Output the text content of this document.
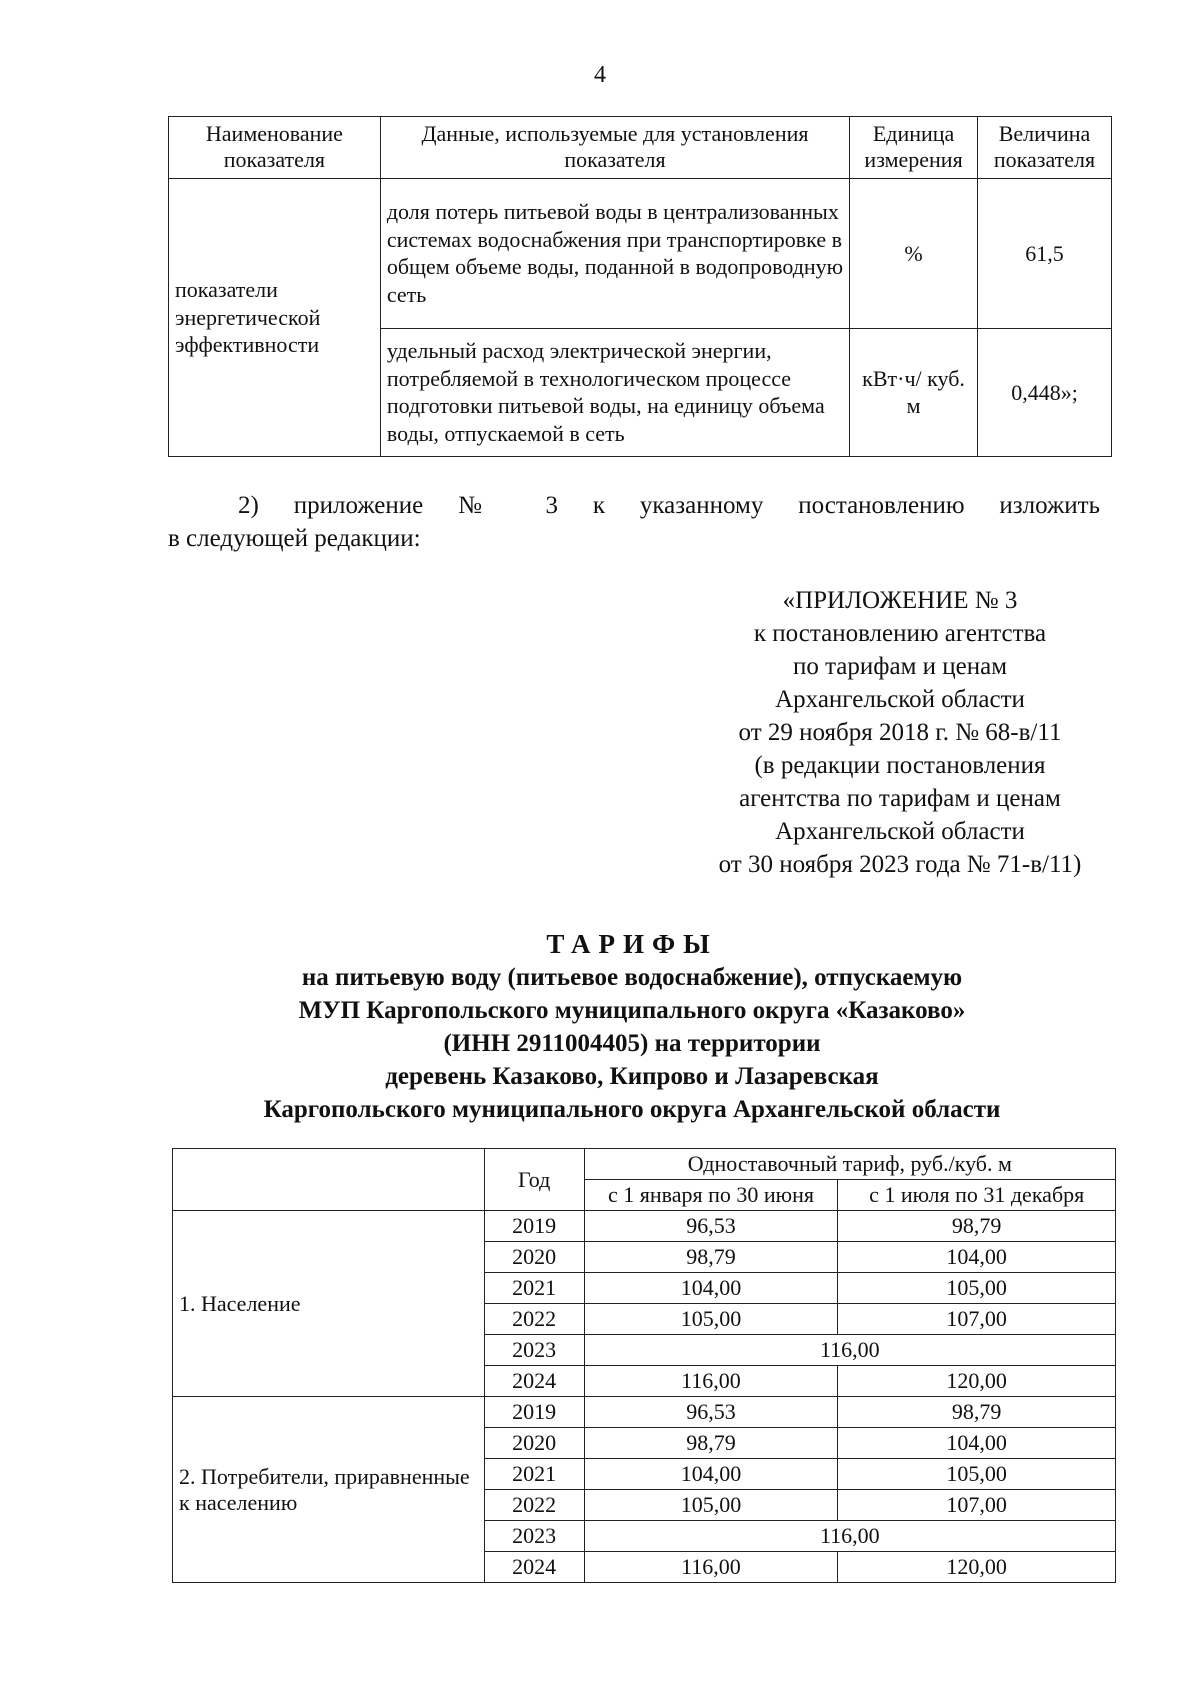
4
Наименование показателя	Данные, используемые для установления показателя	Единица измерения	Величина показателя
показатели энергетической эффективности	доля потерь питьевой воды в централизованных системах водоснабжения при транспортировке в общем объеме воды, поданной в водопроводную сеть	%	61,5
	удельный расход электрической энергии, потребляемой в технологическом процессе подготовки питьевой воды, на единицу объема воды, отпускаемой в сеть	кВт·ч/ куб. м	0,448»;
2) приложение № 3 к указанному постановлению изложить
в следующей редакции:
«ПРИЛОЖЕНИЕ № 3
к постановлению агентства
по тарифам и ценам
Архангельской области
от 29 ноября 2018 г. № 68-в/11
(в редакции постановления
агентства по тарифам и ценам
Архангельской области
от 30 ноября 2023 года № 71-в/11)
ТАРИФЫ
на питьевую воду (питьевое водоснабжение), отпускаемую
МУП Каргопольского муниципального округа «Казаково»
(ИНН 2911004405) на территории
деревень Казаково, Кипрово и Лазаревская
Каргопольского муниципального округа Архангельской области
	Год	Одноставочный тариф, руб./куб. м	
		с 1 января по 30 июня	с 1 июля по 31 декабря
1. Население	2019	96,53	98,79
	2020	98,79	104,00
	2021	104,00	105,00
	2022	105,00	107,00
	2023	116,00	
	2024	116,00	120,00
2. Потребители, приравненные к населению	2019	96,53	98,79
	2020	98,79	104,00
	2021	104,00	105,00
	2022	105,00	107,00
	2023	116,00	
	2024	116,00	120,00
